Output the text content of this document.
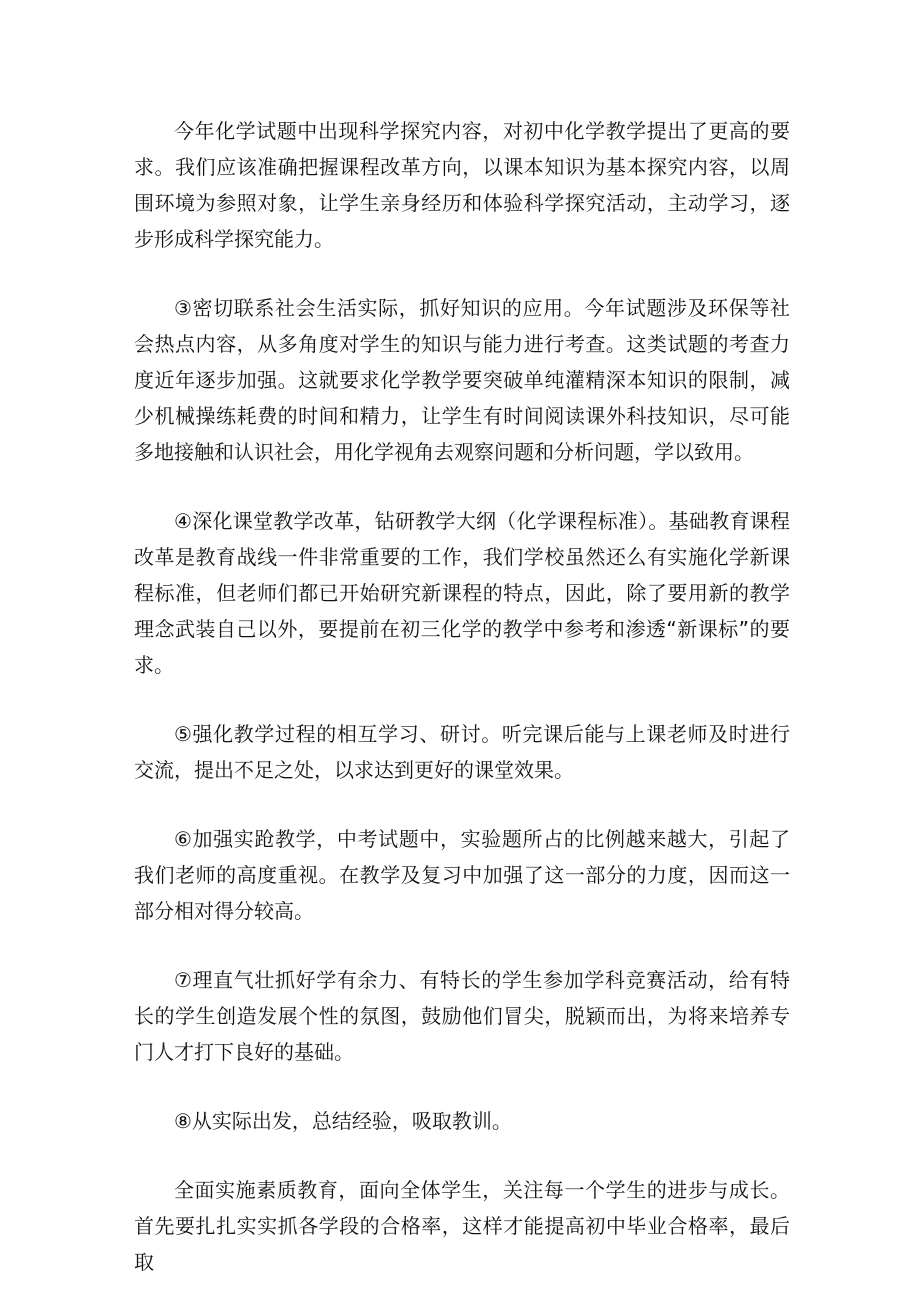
今年化学试题中出现科学探究内容，对初中化学教学提出了更高的要求。我们应该准确把握课程改革方向，以课本知识为基本探究内容，以周围环境为参照对象，让学生亲身经历和体验科学探究活动，主动学习，逐步形成科学探究能力。

③密切联系社会生活实际，抓好知识的应用。今年试题涉及环保等社会热点内容，从多角度对学生的知识与能力进行考查。这类试题的考查力度近年逐步加强。这就要求化学教学要突破单纯灌精深本知识的限制，减少机械操练耗费的时间和精力，让学生有时间阅读课外科技知识，尽可能多地接触和认识社会，用化学视角去观察问题和分析问题，学以致用。

④深化课堂教学改革，钻研教学大纲（化学课程标准）。基础教育课程改革是教育战线一件非常重要的工作，我们学校虽然还么有实施化学新课程标准，但老师们都已开始研究新课程的特点，因此，除了要用新的教学理念武装自己以外，要提前在初三化学的教学中参考和渗透“新课标”的要求。

⑤强化教学过程的相互学习、研讨。听完课后能与上课老师及时进行交流，提出不足之处，以求达到更好的课堂效果。

⑥加强实跄教学，中考试题中，实验题所占的比例越来越大，引起了我们老师的高度重视。在教学及复习中加强了这一部分的力度，因而这一部分相对得分较高。

⑦理直气壮抓好学有余力、有特长的学生参加学科竞赛活动，给有特长的学生创造发展个性的氛图，鼓励他们冒尖，脱颖而出，为将来培养专门人才打下良好的基础。

⑧从实际出发，总结经验，吸取教训。

全面实施素质教育，面向全体学生，关注每一个学生的进步与成长。首先要扎扎实实抓各学段的合格率，这样才能提高初中毕业合格率，最后取
